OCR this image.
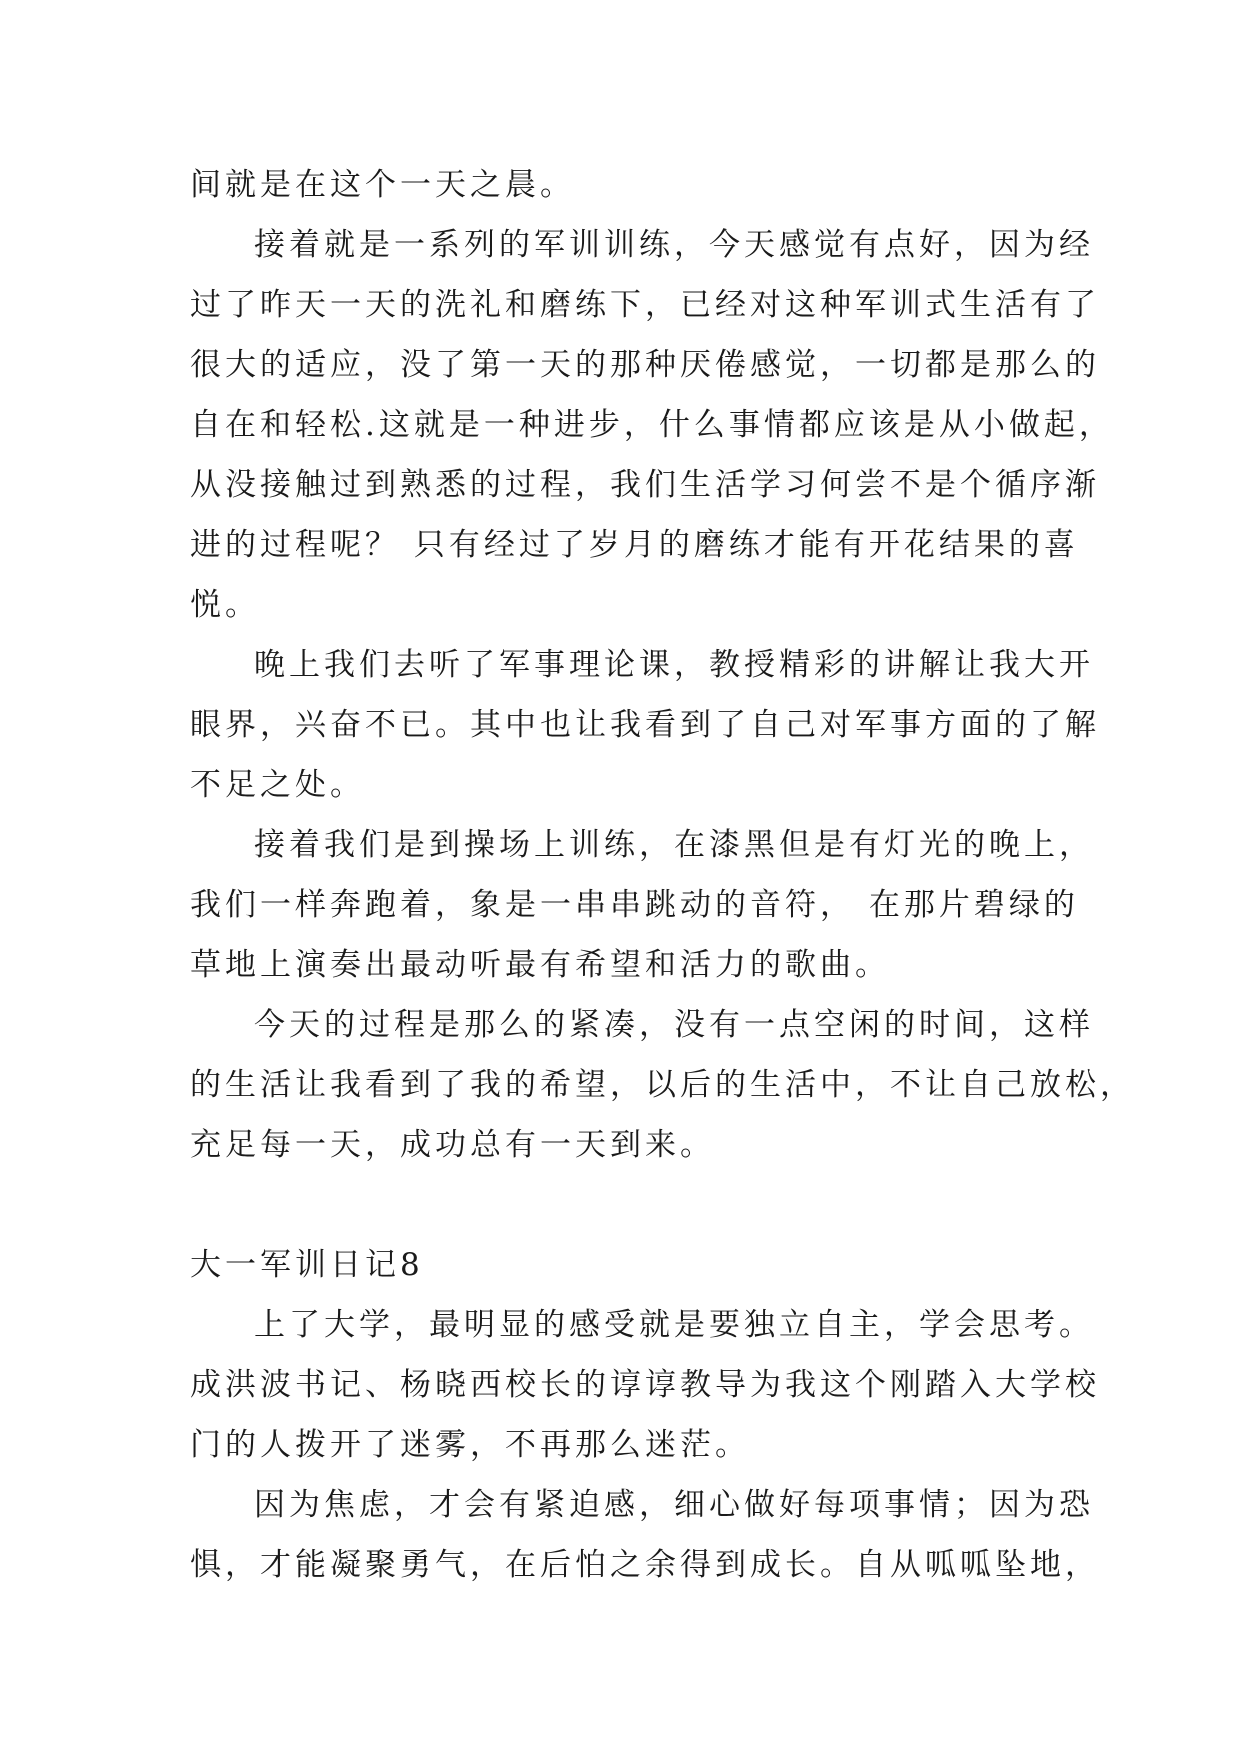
间就是在这个一天之晨。
接着就是一系列的军训训练，今天感觉有点好，因为经
过了昨天一天的洗礼和磨练下，已经对这种军训式生活有了
很大的适应，没了第一天的那种厌倦感觉，一切都是那么的
自在和轻松.这就是一种进步，什么事情都应该是从小做起，
从没接触过到熟悉的过程，我们生活学习何尝不是个循序渐
进的过程呢？ 只有经过了岁月的磨练才能有开花结果的喜
悦。
晚上我们去听了军事理论课，教授精彩的讲解让我大开
眼界，兴奋不已。其中也让我看到了自己对军事方面的了解
不足之处。
接着我们是到操场上训练，在漆黑但是有灯光的晚上，
我们一样奔跑着，象是一串串跳动的音符， 在那片碧绿的
草地上演奏出最动听最有希望和活力的歌曲。
今天的过程是那么的紧凑，没有一点空闲的时间，这样
的生活让我看到了我的希望，以后的生活中，不让自己放松，
充足每一天，成功总有一天到来。
大一军训日记8
上了大学，最明显的感受就是要独立自主，学会思考。
成洪波书记、杨晓西校长的谆谆教导为我这个刚踏入大学校
门的人拨开了迷雾，不再那么迷茫。
因为焦虑，才会有紧迫感，细心做好每项事情；因为恐
惧，才能凝聚勇气，在后怕之余得到成长。自从呱呱坠地，
